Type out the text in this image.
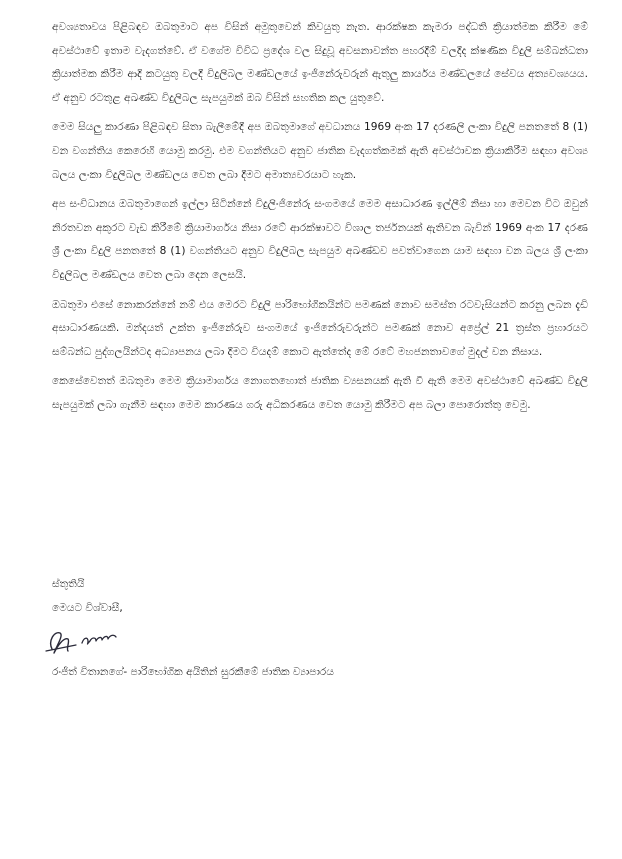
අවශ්‍යතාවය පිළිබඳව ඔබතුමාට අප විසින් අමුතුවෙන් කිවයුතු නැත. ආරක්ෂක කැමරා පද්ධති ක්‍රියාත්මක කිරීම මේ අවස්ථාවේ ඉතාම වැදගත්වේ. ඒ වගේම විවිධ ප්‍රදේශ වල සිදුවූ අවසනාවන්ත පහරදීම් වලදීද ක්ෂණික විදුලි සම්බන්ධතා ක්‍රියාත්මක කිරීම ආදි කටයුතු වලදී විදුලිබල මණ්ඩලයේ ඉංජිනේරුවරුන් ඇතුලු කාර්යය මණ්ඩලයේ සේවය අත්‍යවශ්‍යයය. ඒ අනුව රටතුළ අඛණ්ඩ විදුලිබල සැපයුමක් ඔබ විසින් සහතික කල යුතුවේ.

මෙම සියලු කාරණා පිළිබඳව සිතා බැලීමේදී අප ඔබතුමාගේ අවධානය 1969 අංක 17 දරණලි ලංකා විදුලි පනතතේ 8 (1) වන වගන්තිය කෙරෙහි යොමු කරමු. එම වගන්තියට අනුව ජාතික වැදගත්කමක් ඇති අවස්ථාවක ක්‍රියාකිරීම සඳහා අවශ්‍ය බලය ලංකා විදුලිබල මණ්ඩලය වෙත ලබා දීමට අමාත්‍යවරයාට හැක.

අප සංවිධානය ඔබතුමාගෙන් ඉල්ලා සිටින්නේ විදුලිංජිනේරු සංගමයේ මෙම අසාධාරණ ඉල්ලීම් නිසා හා මෙවන විට ඔවුන් නිරතවන අකුරට වැඩ කිරීමේ ක්‍රියාමාර්ගය නිසා රටේ ආරක්ෂාවට විශාල තර්ජනයක් ඇතිවන බැවින් 1969 අංක 17 දරණ ශ්‍රී ලංකා විදුලි පනතතේ 8 (1) වගන්තියට අනුව විදුලිබල සැපයුම අඛණ්ඩව පවත්වාගෙන යාම සඳහා වන බලය ශ්‍රී ලංකා විදුලිබල මණ්ඩලය වෙත ලබා දෙන ලෙසයි.

ඔබතුමා එසේ නොකරන්නේ නම් එය මෙරට විදුලි පාරිභෝගිකයින්ට පමණක් නොව සමස්ත රටවැසියන්ට කරනු ලබන දැඩි අසාධාරණයකි. මන්දයත් උක්ත ඉංජිනේරුව සංගමයේ ඉංජිනේරුවරුන්ට පමණක් නොව අප්‍රේල් 21 ත්‍රස්ත ප්‍රහාරයට සම්බන්ධ පුද්ගලයින්ටද අධ්‍යාපනය ලබා දීමට වියදම් කොට ඇත්තේද මේ රටේ මහජනතාවගේ මුදල් වන නිසාය.

කෙසේවෙතත් ඔබතුමා මෙම ක්‍රියාමාර්ගය නොගතහොත් ජාතික ව්‍යසනයක් ඇති වී ඇති මෙම අවස්ථාවේ අඛණ්ඩ විදුලි සැපයුමක් ලබා ගැනීම සඳහා මෙම කාරණය ගරු අධිකරණය වෙත යොමු කිරීමට අප බලා පොරොත්තු වෙමු.

ස්තුතියි
මෙයට විශ්වාසී,
රංජිත් විතානගේ- පාරිභෝගික අයිතින් සුරකීමේ ජාතික ව්‍යාපාරය
